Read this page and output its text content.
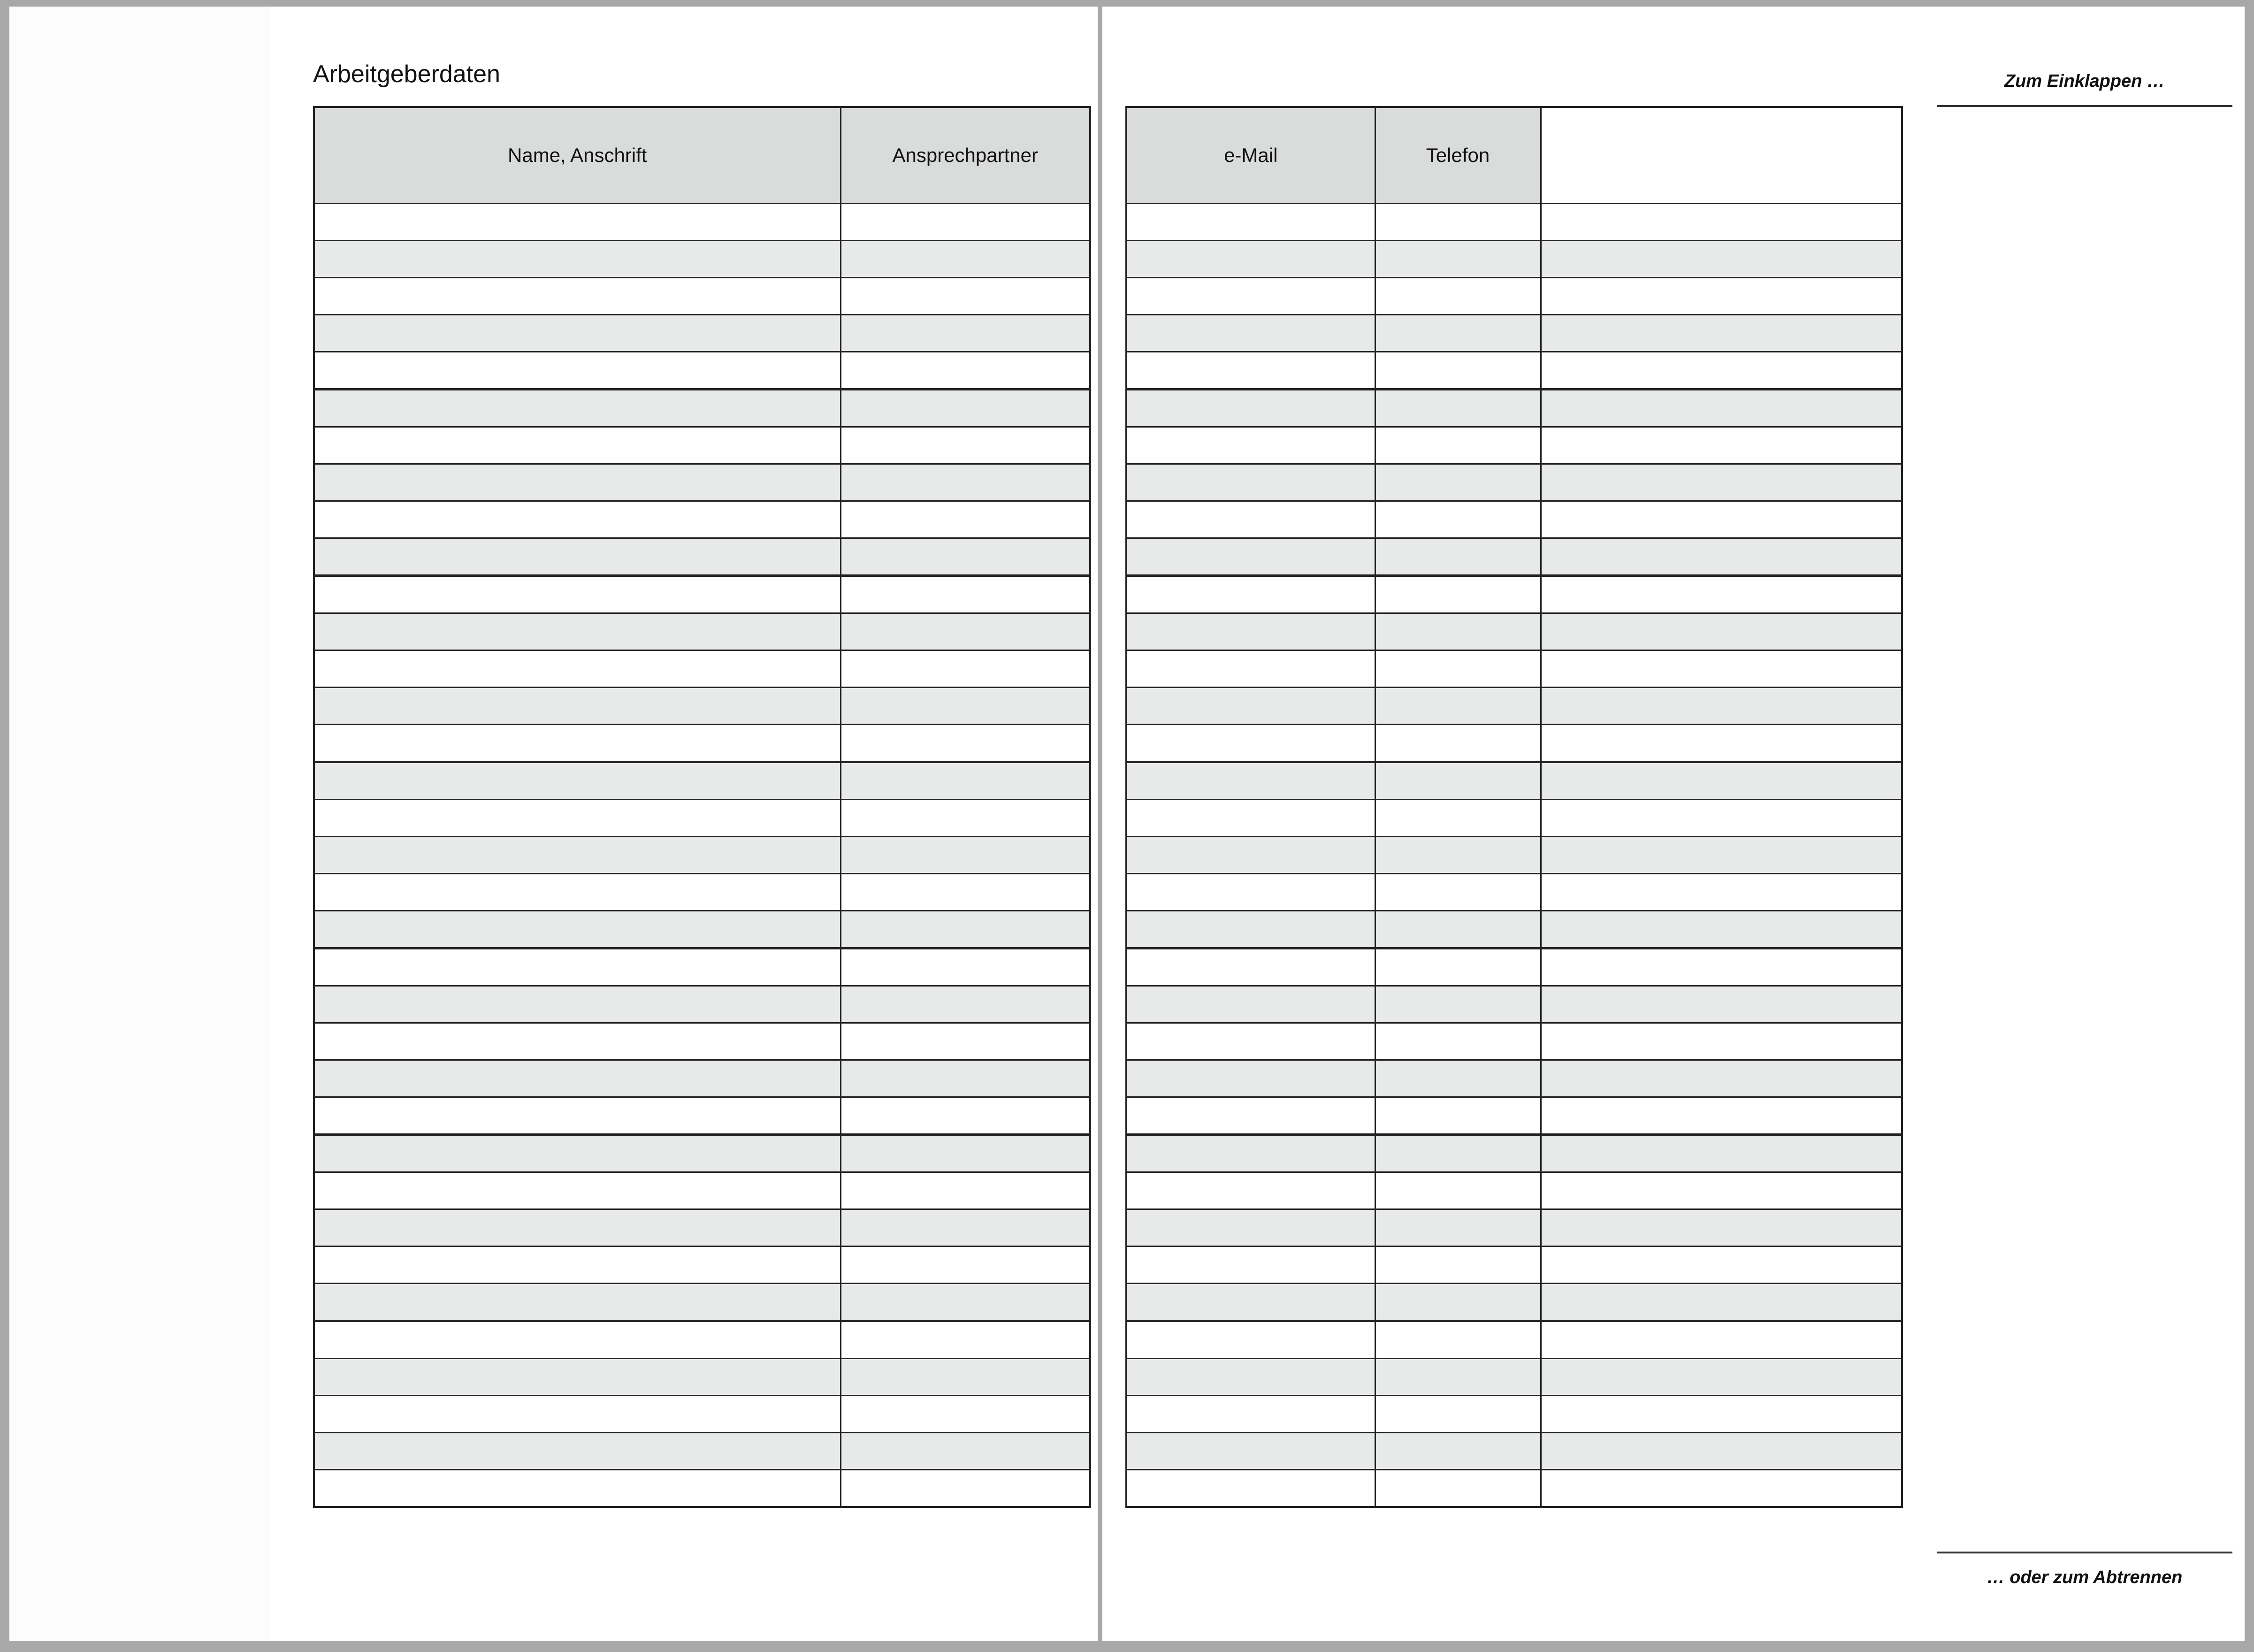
Arbeitgeberdaten
Name, Anschrift	Ansprechpartner

		e-Mail	Telefon	

Zum Einklappen …
… oder zum Abtrennen
